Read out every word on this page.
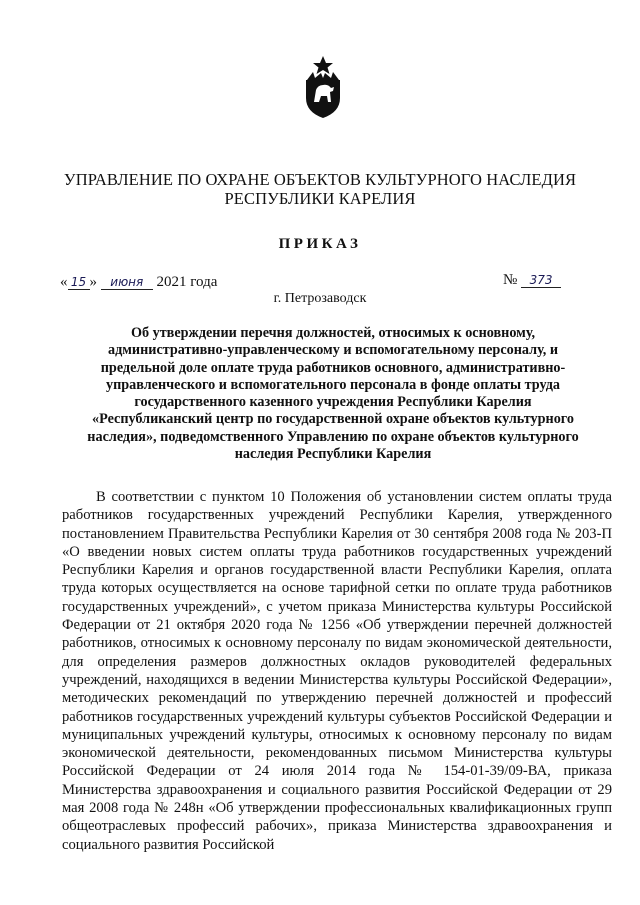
УПРАВЛЕНИЕ ПО ОХРАНЕ ОБЪЕКТОВ КУЛЬТУРНОГО НАСЛЕДИЯ
РЕСПУБЛИКИ КАРЕЛИЯ
ПРИКАЗ
« 15 » июня 2021 года	№ 373
г. Петрозаводск
Об утверждении перечня должностей, относимых к основному,
административно-управленческому и вспомогательному персоналу, и
предельной доле оплате труда работников основного, административно-
управленческого и вспомогательного персонала в фонде оплаты труда
государственного казенного учреждения Республики Карелия
«Республиканский центр по государственной охране объектов культурного
наследия», подведомственного Управлению по охране объектов культурного
наследия Республики Карелия

В соответствии с пунктом 10 Положения об установлении систем оплаты труда работников государственных учреждений Республики Карелия, утвержденного постановлением Правительства Республики Карелия от 30 сентября 2008 года № 203-П «О введении новых систем оплаты труда работников государственных учреждений Республики Карелия и органов государственной власти Республики Карелия, оплата труда которых осуществляется на основе тарифной сетки по оплате труда работников государственных учреждений», с учетом приказа Министерства культуры Российской Федерации от 21 октября 2020 года № 1256 «Об утверждении перечней должностей работников, относимых к основному персоналу по видам экономической деятельности, для определения размеров должностных окладов руководителей федеральных учреждений, находящихся в ведении Министерства культуры Российской Федерации», методических рекомендаций по утверждению перечней должностей и профессий работников государственных учреждений культуры субъектов Российской Федерации и муниципальных учреждений культуры, относимых к основному персоналу по видам экономической деятельности, рекомендованных письмом Министерства культуры Российской Федерации от 24 июля 2014 года № 154-01-39/09-ВА, приказа Министерства здравоохранения и социального развития Российской Федерации от 29 мая 2008 года № 248н «Об утверждении профессиональных квалификационных групп общеотраслевых профессий рабочих», приказа Министерства здравоохранения и социального развития Российской
